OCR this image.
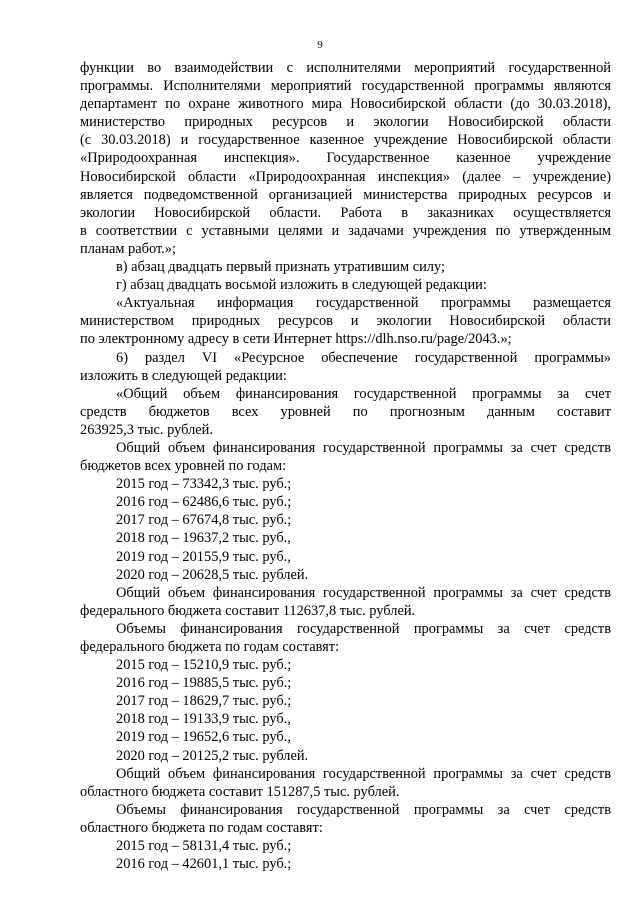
9

функции во взаимодействии с исполнителями мероприятий государственной

программы. Исполнителями мероприятий государственной программы являются

департамент по охране животного мира Новосибирской области (до 30.03.2018),

министерство природных ресурсов и экологии Новосибирской области

(с 30.03.2018) и государственное казенное учреждение Новосибирской области

«Природоохранная инспекция». Государственное казенное учреждение

Новосибирской области «Природоохранная инспекция» (далее – учреждение)

является подведомственной организацией министерства природных ресурсов и

экологии Новосибирской области. Работа в заказниках осуществляется

в соответствии с уставными целями и задачами учреждения по утвержденным

планам работ.»;

в) абзац двадцать первый признать утратившим силу;

г) абзац двадцать восьмой изложить в следующей редакции:

«Актуальная информация государственной программы размещается

министерством природных ресурсов и экологии Новосибирской области

по электронному адресу в сети Интернет https://dlh.nso.ru/page/2043.»;

6) раздел VI «Ресурсное обеспечение государственной программы»

изложить в следующей редакции:

«Общий объем финансирования государственной программы за счет

средств бюджетов всех уровней по прогнозным данным составит

263925,3 тыс. рублей.

Общий объем финансирования государственной программы за счет средств

бюджетов всех уровней по годам:

2015 год – 73342,3 тыс. руб.;

2016 год – 62486,6 тыс. руб.;

2017 год – 67674,8 тыс. руб.;

2018 год – 19637,2 тыс. руб.,

2019 год – 20155,9 тыс. руб.,

2020 год – 20628,5 тыс. рублей.

Общий объем финансирования государственной программы за счет средств

федерального бюджета составит 112637,8 тыс. рублей.

Объемы финансирования государственной программы за счет средств

федерального бюджета по годам составят:

2015 год – 15210,9 тыс. руб.;

2016 год – 19885,5 тыс. руб.;

2017 год – 18629,7 тыс. руб.;

2018 год – 19133,9 тыс. руб.,

2019 год – 19652,6 тыс. руб.,

2020 год – 20125,2 тыс. рублей.

Общий объем финансирования государственной программы за счет средств

областного бюджета составит 151287,5 тыс. рублей.

Объемы финансирования государственной программы за счет средств

областного бюджета по годам составят:

2015 год – 58131,4 тыс. руб.;

2016 год – 42601,1 тыс. руб.;
